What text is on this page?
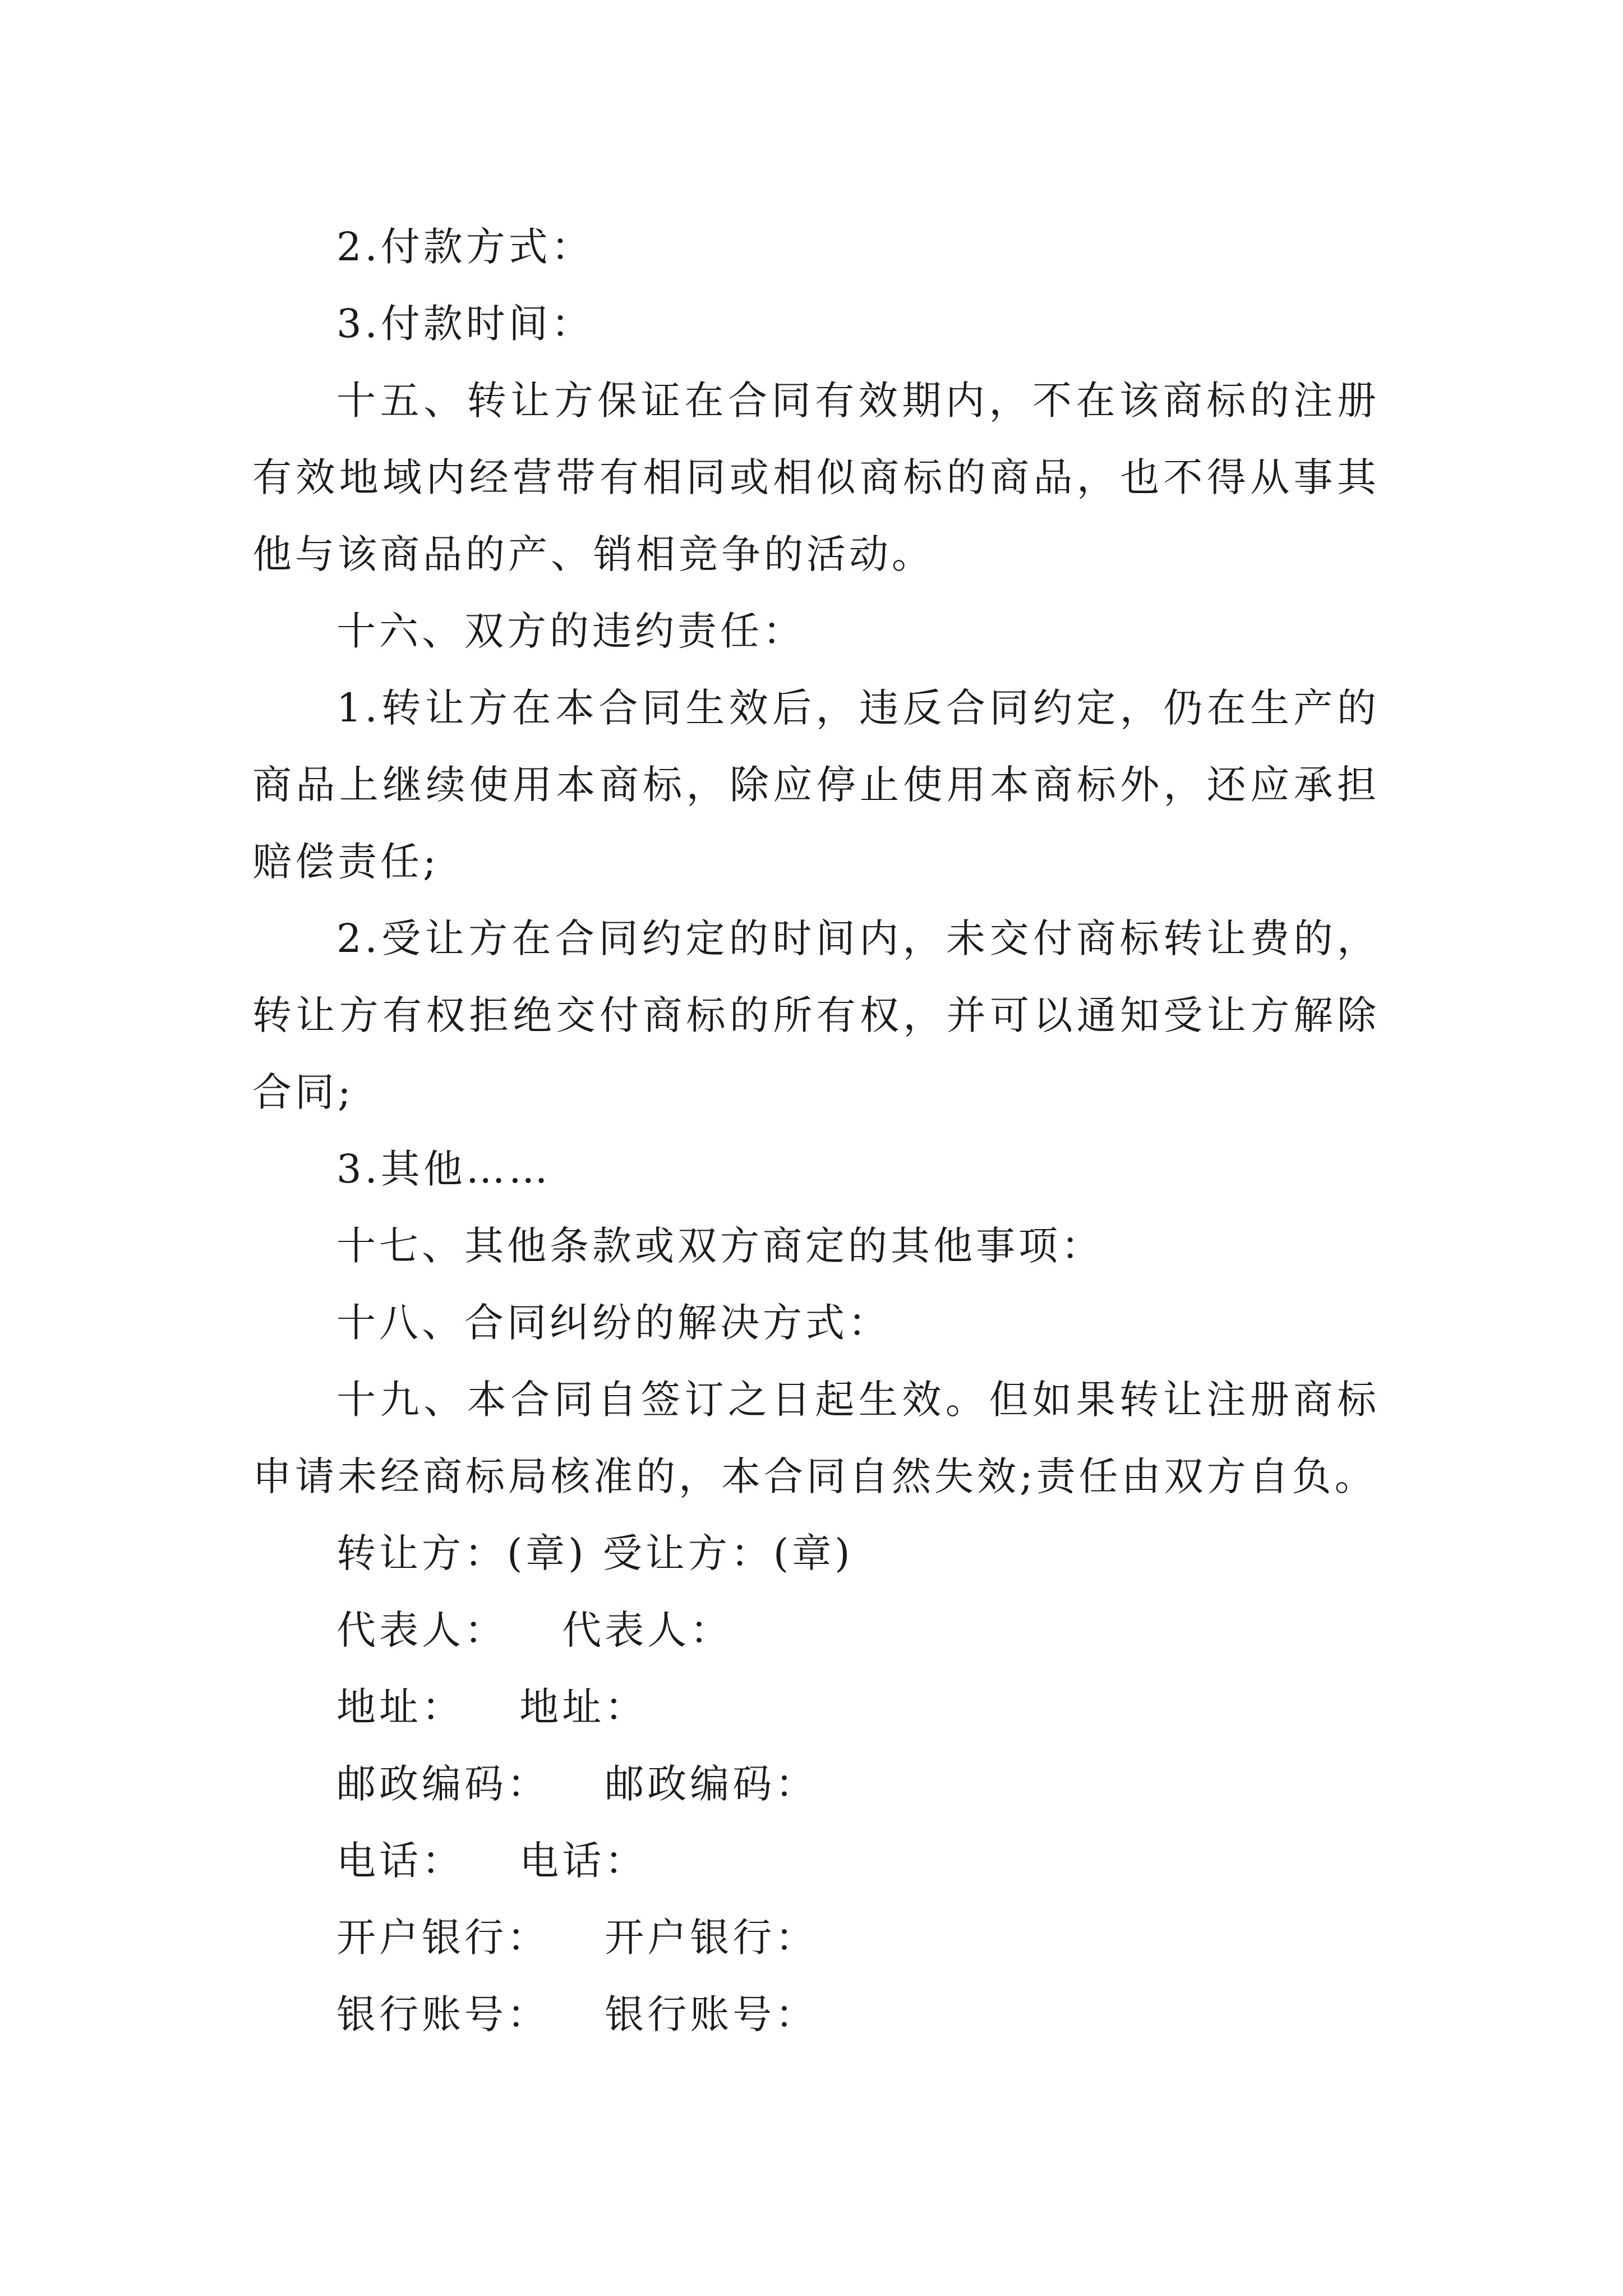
2.付款方式：

3.付款时间：

十五、转让方保证在合同有效期内，不在该商标的注册

有效地域内经营带有相同或相似商标的商品，也不得从事其

他与该商品的产、销相竞争的活动。

十六、双方的违约责任：

1.转让方在本合同生效后，违反合同约定，仍在生产的

商品上继续使用本商标，除应停止使用本商标外，还应承担

赔偿责任;

2.受让方在合同约定的时间内，未交付商标转让费的，

转让方有权拒绝交付商标的所有权，并可以通知受让方解除

合同;

3.其他……

十七、其他条款或双方商定的其他事项：

十八、合同纠纷的解决方式：

十九、本合同自签订之日起生效。但如果转让注册商标

申请未经商标局核准的，本合同自然失效;责任由双方自负。

转让方：(章) 受让方：(章)

代表人： 代表人：

地址： 地址：

邮政编码： 邮政编码：

电话： 电话：

开户银行： 开户银行：

银行账号： 银行账号：
